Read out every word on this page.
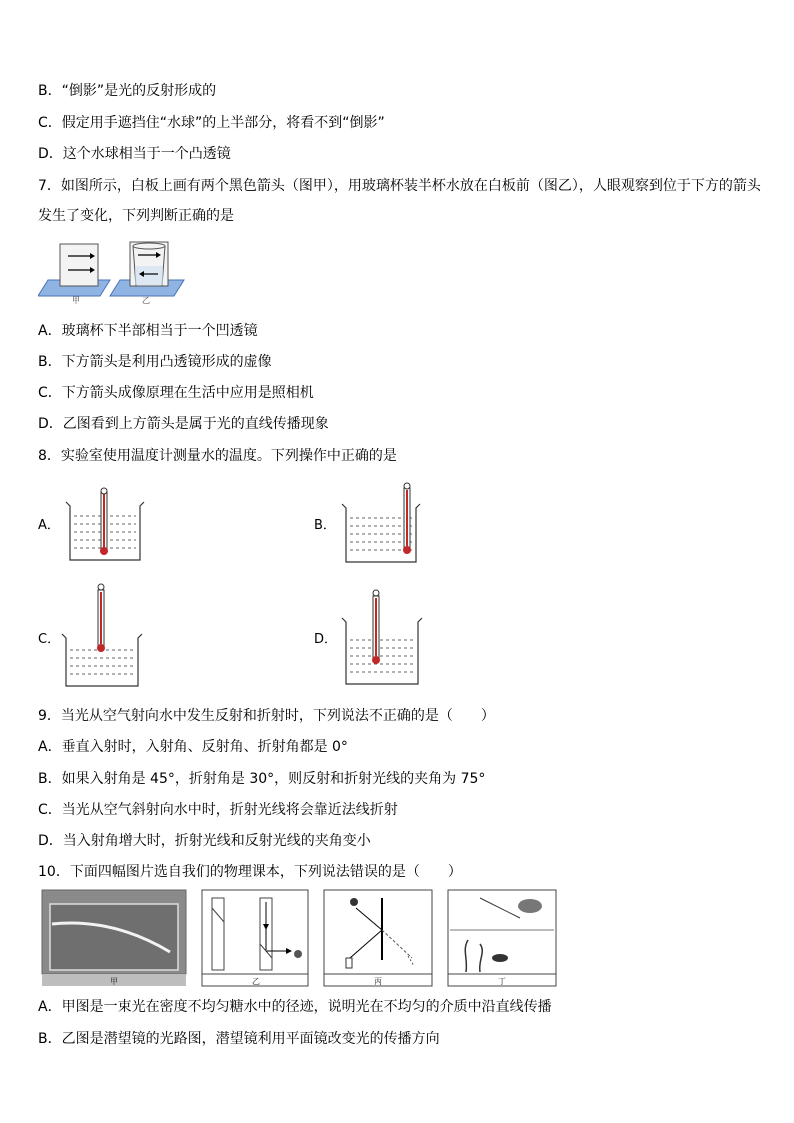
B．“倒影”是光的反射形成的
C．假定用手遮挡住“水球”的上半部分，将看不到“倒影”
D．这个水球相当于一个凸透镜
7．如图所示，白板上画有两个黑色箭头（图甲），用玻璃杯装半杯水放在白板前（图乙），人眼观察到位于下方的箭头
发生了变化，下列判断正确的是
甲	乙
A．玻璃杯下半部相当于一个凹透镜
B．下方箭头是利用凸透镜形成的虚像
C．下方箭头成像原理在生活中应用是照相机
D．乙图看到上方箭头是属于光的直线传播现象
8．实验室使用温度计测量水的温度。下列操作中正确的是
A．	B．
C．	D．
9．当光从空气射向水中发生反射和折射时，下列说法不正确的是（　　）
A．垂直入射时，入射角、反射角、折射角都是 0°
B．如果入射角是 45°，折射角是 30°，则反射和折射光线的夹角为 75°
C．当光从空气斜射向水中时，折射光线将会靠近法线折射
D．当入射角增大时，折射光线和反射光线的夹角变小
10．下面四幅图片选自我们的物理课本，下列说法错误的是（　　）
甲	乙	丙	丁
A．甲图是一束光在密度不均匀糖水中的径迹，说明光在不均匀的介质中沿直线传播
B．乙图是潜望镜的光路图，潜望镜利用平面镜改变光的传播方向
